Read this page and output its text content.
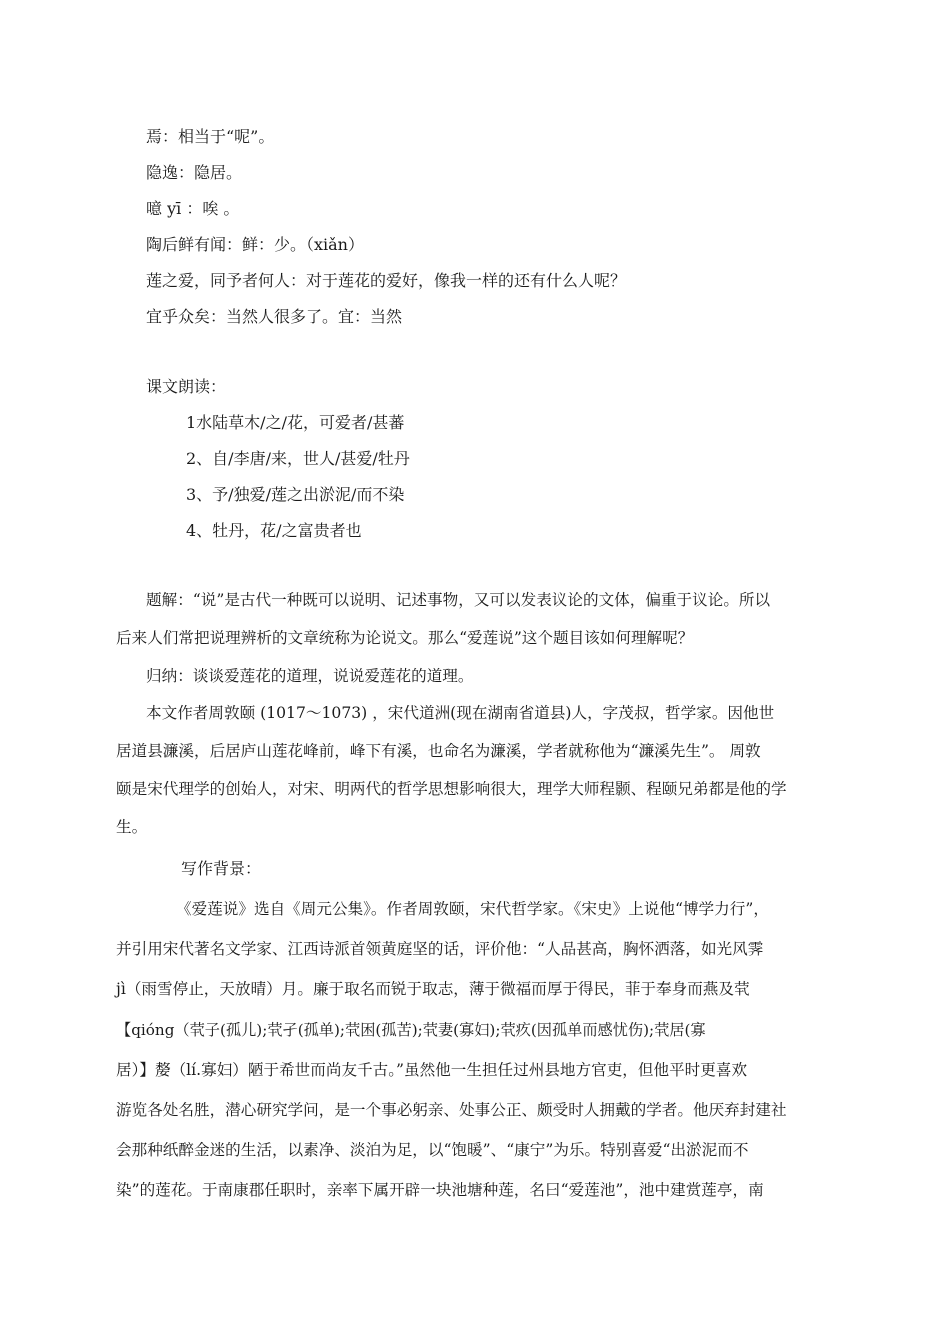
焉：相当于“呢”。
隐逸：隐居。
噫 yī ：唉 。
陶后鲜有闻：鲜：少。（xiǎn）
莲之爱，同予者何人：对于莲花的爱好，像我一样的还有什么人呢？
宜乎众矣：当然人很多了。宜：当然
课文朗读：
1水陆草木/之/花，可爱者/甚蕃
2、自/李唐/来，世人/甚爱/牡丹
3、予/独爱/莲之出淤泥/而不染
4、牡丹，花/之富贵者也
题解：“说”是古代一种既可以说明、记述事物，又可以发表议论的文体，偏重于议论。所以
后来人们常把说理辨析的文章统称为论说文。那么“爱莲说”这个题目该如何理解呢？
归纳：谈谈爱莲花的道理，说说爱莲花的道理。
本文作者周敦颐 (1017～1073) ，宋代道洲(现在湖南省道县)人，字茂叔，哲学家。因他世
居道县濂溪，后居庐山莲花峰前，峰下有溪，也命名为濂溪，学者就称他为“濂溪先生”。 周敦
颐是宋代理学的创始人，对宋、明两代的哲学思想影响很大，理学大师程颢、程颐兄弟都是他的学
生。
写作背景：
《爱莲说》选自《周元公集》。作者周敦颐，宋代哲学家。《宋史》上说他“博学力行”，
并引用宋代著名文学家、江西诗派首领黄庭坚的话，评价他：“人品甚高，胸怀洒落，如光风霁
jì（雨雪停止，天放晴）月。廉于取名而锐于取志，薄于微福而厚于得民，菲于奉身而燕及茕
【qióng（茕子(孤儿);茕孑(孤单);茕困(孤苦);茕妻(寡妇);茕疚(因孤单而感忧伤);茕居(寡
居）】嫠（lí.寡妇）陋于希世而尚友千古。”虽然他一生担任过州县地方官吏，但他平时更喜欢
游览各处名胜，潜心研究学问，是一个事必躬亲、处事公正、颇受时人拥戴的学者。他厌弃封建社
会那种纸醉金迷的生活，以素净、淡泊为足，以“饱暖”、“康宁”为乐。特别喜爱“出淤泥而不
染”的莲花。于南康郡任职时，亲率下属开辟一块池塘种莲，名曰“爱莲池”，池中建赏莲亭，南
